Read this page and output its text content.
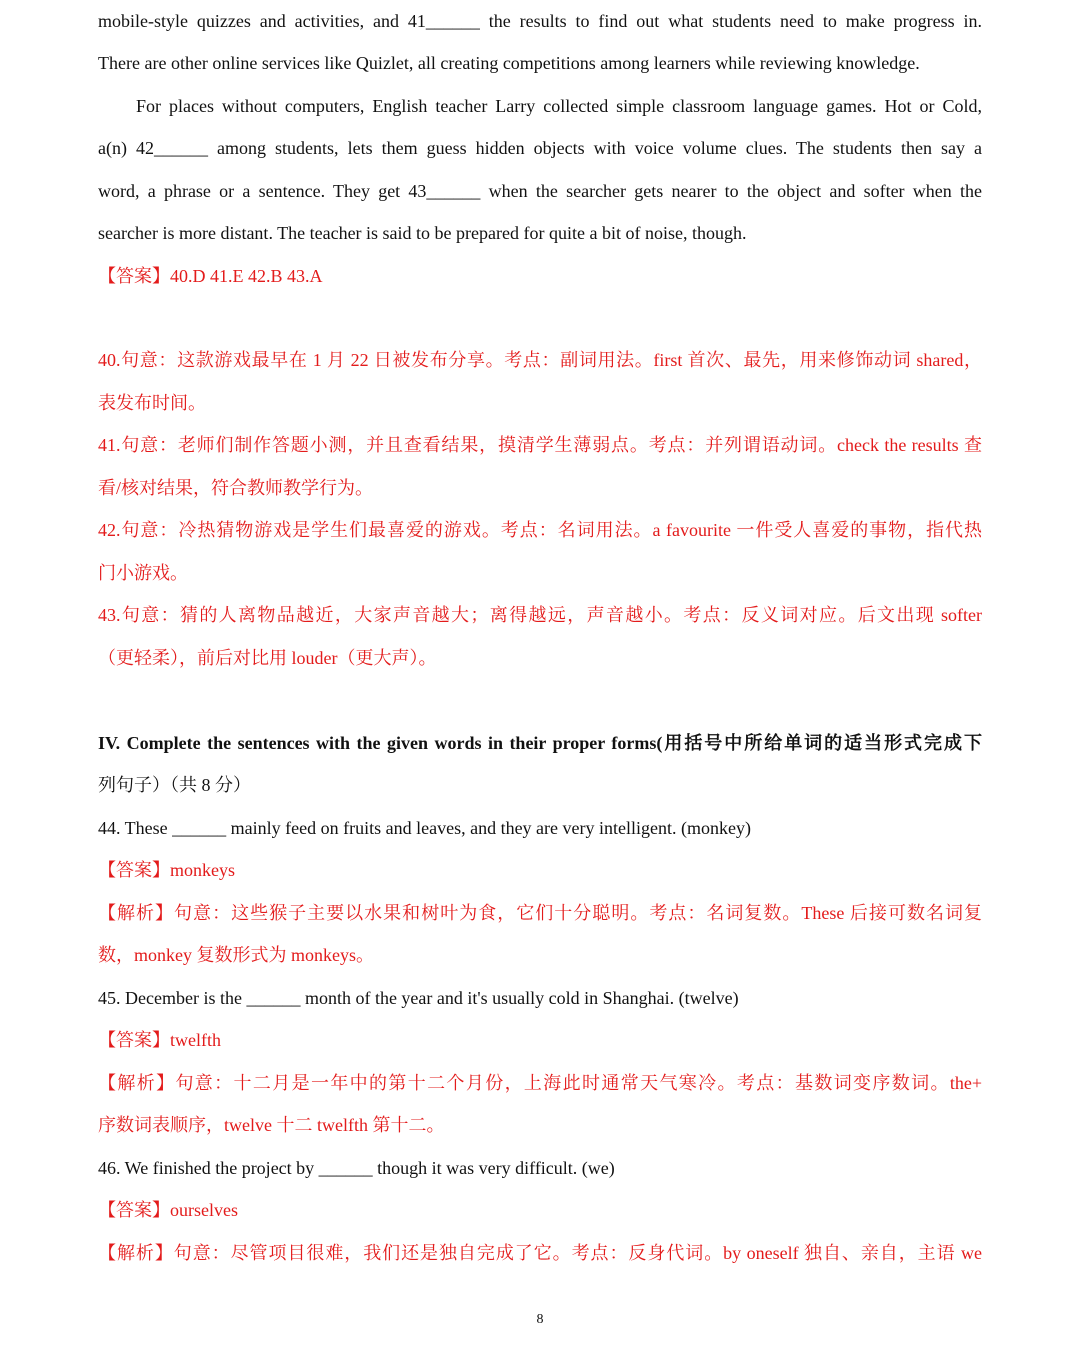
mobile-style quizzes and activities, and 41______ the results to find out what students need to make progress in.
There are other online services like Quizlet, all creating competitions among learners while reviewing knowledge.
For places without computers, English teacher Larry collected simple classroom language games. Hot or Cold,
a(n) 42______ among students, lets them guess hidden objects with voice volume clues. The students then say a
word, a phrase or a sentence. They get 43______ when the searcher gets nearer to the object and softer when the
searcher is more distant. The teacher is said to be prepared for quite a bit of noise, though.
【答案】40.D 41.E 42.B 43.A
40.句意：这款游戏最早在 1 月 22 日被发布分享。考点：副词用法。first 首次、最先，用来修饰动词 shared，
表发布时间。
41.句意：老师们制作答题小测，并且查看结果，摸清学生薄弱点。考点：并列谓语动词。check the results 查
看/核对结果，符合教师教学行为。
42.句意：冷热猜物游戏是学生们最喜爱的游戏。考点：名词用法。a favourite 一件受人喜爱的事物，指代热
门小游戏。
43.句意：猜的人离物品越近，大家声音越大；离得越远，声音越小。考点：反义词对应。后文出现 softer
（更轻柔），前后对比用 louder（更大声）。
IV. Complete the sentences with the given words in their proper forms(用括号中所给单词的适当形式完成下
列句子）（共 8 分）
44. These ______ mainly feed on fruits and leaves, and they are very intelligent. (monkey)
【答案】monkeys
【解析】句意：这些猴子主要以水果和树叶为食，它们十分聪明。考点：名词复数。These 后接可数名词复
数，monkey 复数形式为 monkeys。
45. December is the ______ month of the year and it's usually cold in Shanghai. (twelve)
【答案】twelfth
【解析】句意：十二月是一年中的第十二个月份，上海此时通常天气寒冷。考点：基数词变序数词。the+
序数词表顺序，twelve 十二 twelfth 第十二。
46. We finished the project by ______ though it was very difficult. (we)
【答案】ourselves
【解析】句意：尽管项目很难，我们还是独自完成了它。考点：反身代词。by oneself 独自、亲自，主语 we
8
